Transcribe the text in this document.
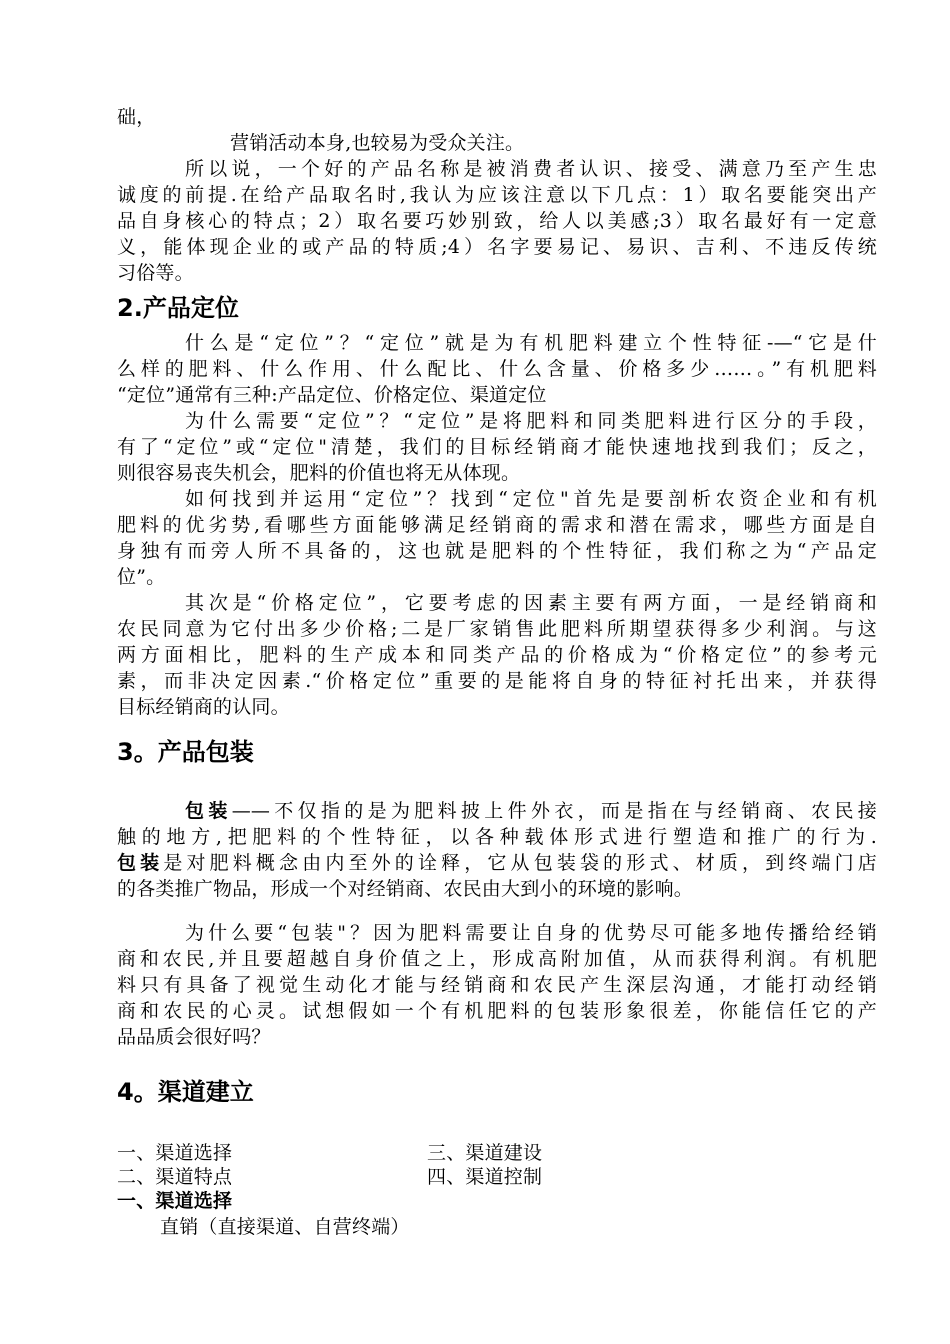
础，
营销活动本身,也较易为受众关注。
所以说，一个好的产品名称是被消费者认识、接受、满意乃至产生忠
诚度的前提.在给产品取名时,我认为应该注意以下几点：1）取名要能突出产
品自身核心的特点；2）取名要巧妙别致，给人以美感;3）取名最好有一定意
义，能体现企业的或产品的特质;4）名字要易记、易识、吉利、不违反传统
习俗等。
2.产品定位
什么是“定位”？“定位”就是为有机肥料建立个性特征-—“它是什
么样的肥料、什么作用、什么配比、什么含量、价格多少……。”有机肥料
“定位”通常有三种:产品定位、价格定位、渠道定位
为什么需要“定位”？“定位”是将肥料和同类肥料进行区分的手段，
有了“定位”或“定位"清楚，我们的目标经销商才能快速地找到我们；反之，
则很容易丧失机会，肥料的价值也将无从体现。
如何找到并运用“定位”？找到“定位"首先是要剖析农资企业和有机
肥料的优劣势,看哪些方面能够满足经销商的需求和潜在需求，哪些方面是自
身独有而旁人所不具备的，这也就是肥料的个性特征，我们称之为“产品定
位”。
其次是“价格定位”，它要考虑的因素主要有两方面，一是经销商和
农民同意为它付出多少价格;二是厂家销售此肥料所期望获得多少利润。与这
两方面相比，肥料的生产成本和同类产品的价格成为“价格定位”的参考元
素，而非决定因素.“价格定位”重要的是能将自身的特征衬托出来，并获得
目标经销商的认同。
3。产品包装
包装——不仅指的是为肥料披上件外衣，而是指在与经销商、农民接
触的地方,把肥料的个性特征，以各种载体形式进行塑造和推广的行为.
包装是对肥料概念由内至外的诠释，它从包装袋的形式、材质，到终端门店
的各类推广物品，形成一个对经销商、农民由大到小的环境的影响。
为什么要“包装"？因为肥料需要让自身的优势尽可能多地传播给经销
商和农民,并且要超越自身价值之上，形成高附加值，从而获得利润。有机肥
料只有具备了视觉生动化才能与经销商和农民产生深层沟通，才能打动经销
商和农民的心灵。试想假如一个有机肥料的包装形象很差，你能信任它的产
品品质会很好吗？
4。渠道建立
一、渠道选择	三、渠道建设
二、渠道特点	四、渠道控制
一、渠道选择
直销（直接渠道、自营终端）
